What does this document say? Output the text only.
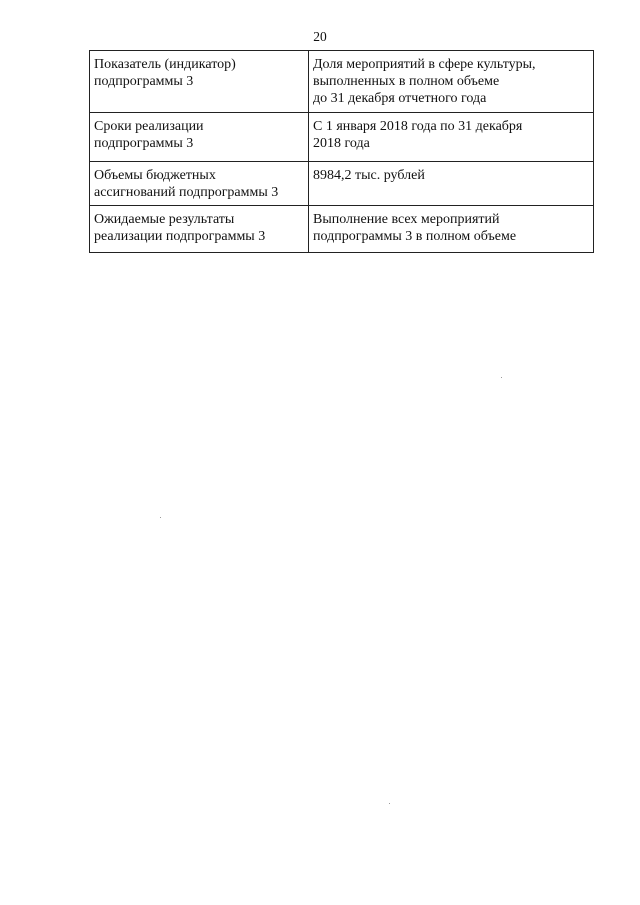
20
Показатель (индикатор)
подпрограммы 3	Доля мероприятий в сфере культуры,
выполненных в полном объеме
до 31 декабря отчетного года

Сроки реализации
подпрограммы 3	С 1 января 2018 года по 31 декабря
2018 года

Объемы бюджетных
ассигнований подпрограммы 3	8984,2 тыс. рублей

Ожидаемые результаты
реализации подпрограммы 3	Выполнение всех мероприятий
подпрограммы 3 в полном объеме
